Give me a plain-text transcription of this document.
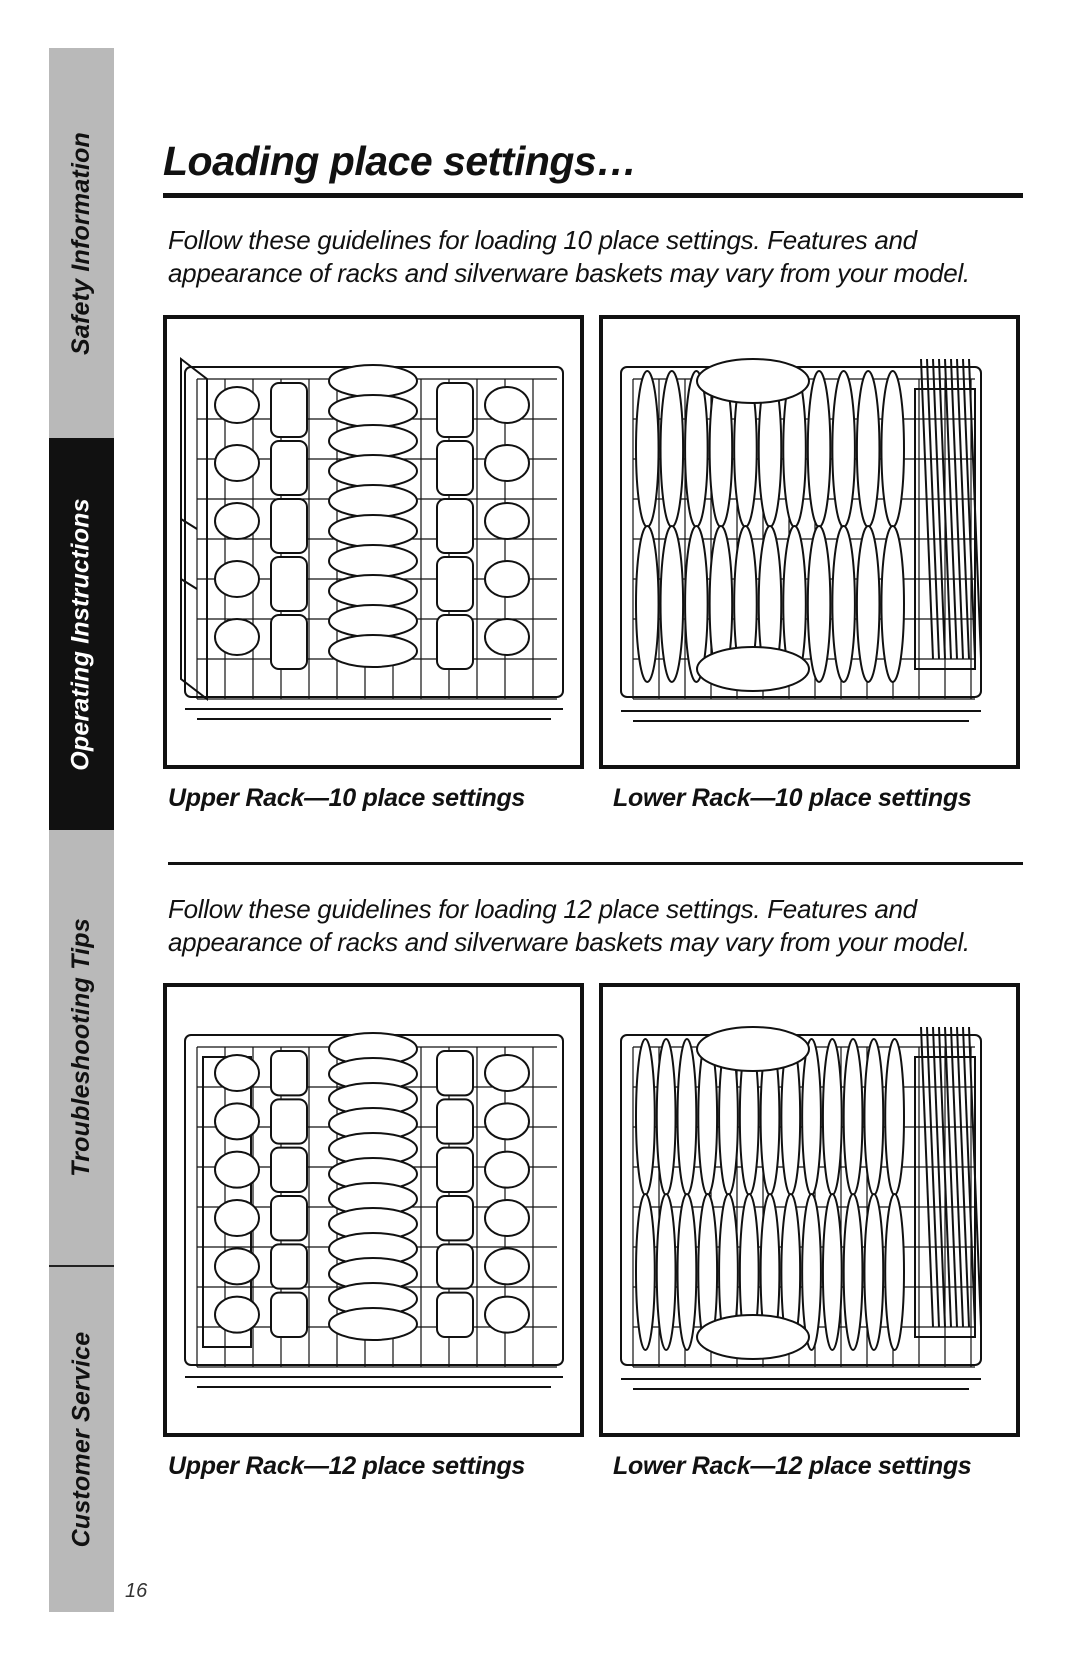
Safety Information
Operating Instructions
Troubleshooting Tips
Customer Service
Loading place settings…

Follow these guidelines for loading 10 place settings. Features and
appearance of racks and silverware baskets may vary from your model.

Upper Rack—10 place settings	Lower Rack—10 place settings

Follow these guidelines for loading 12 place settings. Features and
appearance of racks and silverware baskets may vary from your model.

Upper Rack—12 place settings	Lower Rack—12 place settings

16
